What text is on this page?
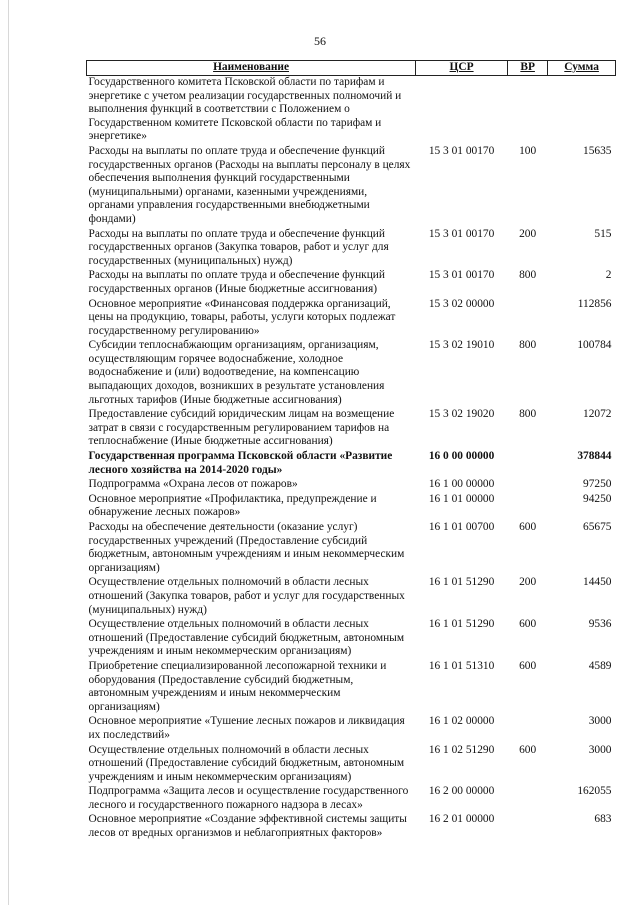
56
Наименование	ЦСР	ВР	Сумма
Государственного комитета Псковской области по тарифам и энергетике с учетом реализации государственных полномочий и выполнения функций в соответствии с Положением о Государственном комитете Псковской области по тарифам и энергетике»			
Расходы на выплаты по оплате труда и обеспечение функций государственных органов (Расходы на выплаты персоналу в целях обеспечения выполнения функций государственными (муниципальными) органами, казенными учреждениями, органами управления государственными внебюджетными фондами)	15 3 01 00170	100	15635
Расходы на выплаты по оплате труда и обеспечение функций государственных органов (Закупка товаров, работ и услуг для государственных (муниципальных) нужд)	15 3 01 00170	200	515
Расходы на выплаты по оплате труда и обеспечение функций государственных органов (Иные бюджетные ассигнования)	15 3 01 00170	800	2
Основное мероприятие «Финансовая поддержка организаций, цены на продукцию, товары, работы, услуги которых подлежат государственному регулированию»	15 3 02 00000		112856
Субсидии теплоснабжающим организациям, организациям, осуществляющим горячее водоснабжение, холодное водоснабжение и (или) водоотведение, на компенсацию выпадающих доходов, возникших в результате установления льготных тарифов (Иные бюджетные ассигнования)	15 3 02 19010	800	100784
Предоставление субсидий юридическим лицам на возмещение затрат в связи с государственным регулированием тарифов на теплоснабжение (Иные бюджетные ассигнования)	15 3 02 19020	800	12072
Государственная программа Псковской области «Развитие лесного хозяйства на 2014-2020 годы»	16 0 00 00000		378844
Подпрограмма «Охрана лесов от пожаров»	16 1 00 00000		97250
Основное мероприятие «Профилактика, предупреждение и обнаружение лесных пожаров»	16 1 01 00000		94250
Расходы на обеспечение деятельности (оказание услуг) государственных учреждений (Предоставление субсидий бюджетным, автономным учреждениям и иным некоммерческим организациям)	16 1 01 00700	600	65675
Осуществление отдельных полномочий в области лесных отношений (Закупка товаров, работ и услуг для государственных (муниципальных) нужд)	16 1 01 51290	200	14450
Осуществление отдельных полномочий в области лесных отношений (Предоставление субсидий бюджетным, автономным учреждениям и иным некоммерческим организациям)	16 1 01 51290	600	9536
Приобретение специализированной лесопожарной техники и оборудования (Предоставление субсидий бюджетным, автономным учреждениям и иным некоммерческим организациям)	16 1 01 51310	600	4589
Основное мероприятие «Тушение лесных пожаров и ликвидация их последствий»	16 1 02 00000		3000
Осуществление отдельных полномочий в области лесных отношений (Предоставление субсидий бюджетным, автономным учреждениям и иным некоммерческим организациям)	16 1 02 51290	600	3000
Подпрограмма «Защита лесов и осуществление государственного лесного и государственного пожарного надзора в лесах»	16 2 00 00000		162055
Основное мероприятие «Создание эффективной системы защиты лесов от вредных организмов и неблагоприятных факторов»	16 2 01 00000		683
